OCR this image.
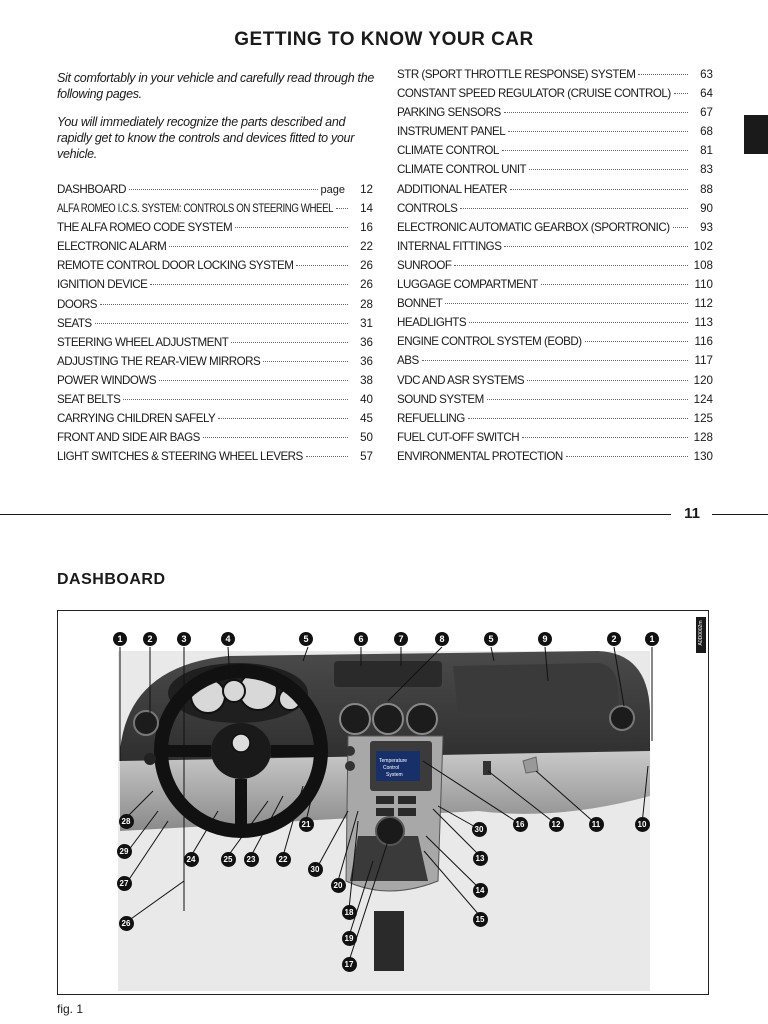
GETTING TO KNOW YOUR CAR

Sit comfortably in your vehicle and carefully read through the following pages.

You will immediately recognize the parts described and rapidly get to know the controls and devices fitted to your vehicle.

DASHBOARD	page	12
ALFA ROMEO I.C.S. SYSTEM: CONTROLS ON STEERING WHEEL	14
THE ALFA ROMEO CODE SYSTEM	16
ELECTRONIC ALARM	22
REMOTE CONTROL DOOR LOCKING SYSTEM	26
IGNITION DEVICE	26
DOORS	28
SEATS	31
STEERING WHEEL ADJUSTMENT	36
ADJUSTING THE REAR-VIEW MIRRORS	36
POWER WINDOWS	38
SEAT BELTS	40
CARRYING CHILDREN SAFELY	45
FRONT AND SIDE AIR BAGS	50
LIGHT SWITCHES & STEERING WHEEL LEVERS	57
STR (SPORT THROTTLE RESPONSE) SYSTEM	63
CONSTANT SPEED REGULATOR (CRUISE CONTROL)	64
PARKING SENSORS	67
INSTRUMENT PANEL	68
CLIMATE CONTROL	81
CLIMATE CONTROL UNIT	83
ADDITIONAL HEATER	88
CONTROLS	90
ELECTRONIC AUTOMATIC GEARBOX (SPORTRONIC)	93
INTERNAL FITTINGS	102
SUNROOF	108
LUGGAGE COMPARTMENT	110
BONNET	112
HEADLIGHTS	113
ENGINE CONTROL SYSTEM (EOBD)	116
ABS	117
VDC AND ASR SYSTEMS	120
SOUND SYSTEM	124
REFUELLING	125
FUEL CUT-OFF SWITCH	128
ENVIRONMENTAL PROTECTION	130
11
DASHBOARD
A0D0002m
Temperature
Control
System
1	2	3	4	5	6	7	8	5	9	2	1
28
29
27
26
24	25	23	22
21
30
20
18
19
17
16	12	11	10
30
13
14
15
fig. 1
